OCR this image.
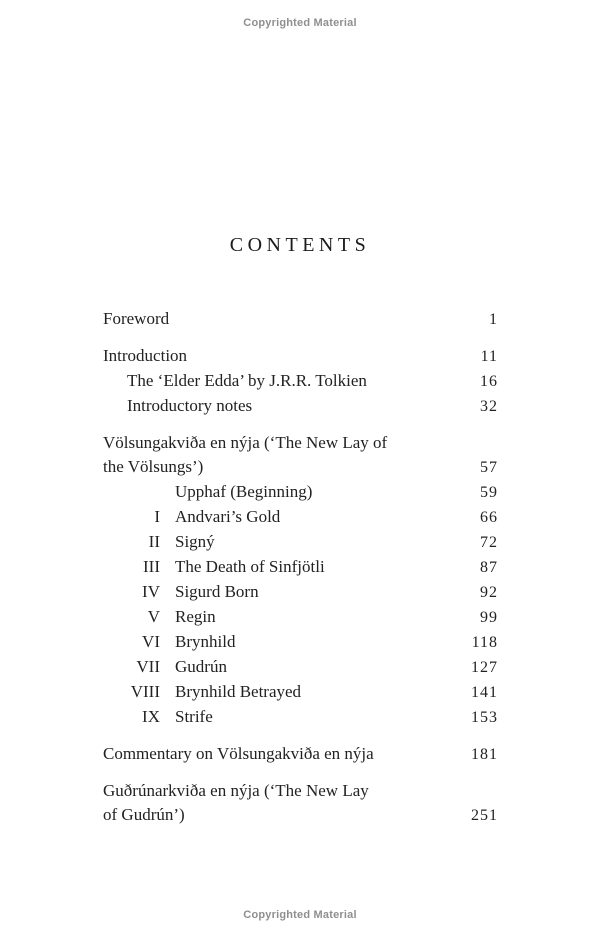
Copyrighted Material
CONTENTS
Foreword	1
Introduction	11
The ‘Elder Edda’ by J.R.R. Tolkien	16
Introductory notes	32
Völsungakviða en nýja (‘The New Lay of
the Völsungs’)	57
Upphaf (Beginning)	59
I Andvari’s Gold	66
II Signý	72
III The Death of Sinfjötli	87
IV Sigurd Born	92
V Regin	99
VI Brynhild	118
VII Gudrún	127
VIII Brynhild Betrayed	141
IX Strife	153
Commentary on Völsungakviða en nýja	181
Guðrúnarkviða en nýja (‘The New Lay
of Gudrún’)	251
Copyrighted Material
